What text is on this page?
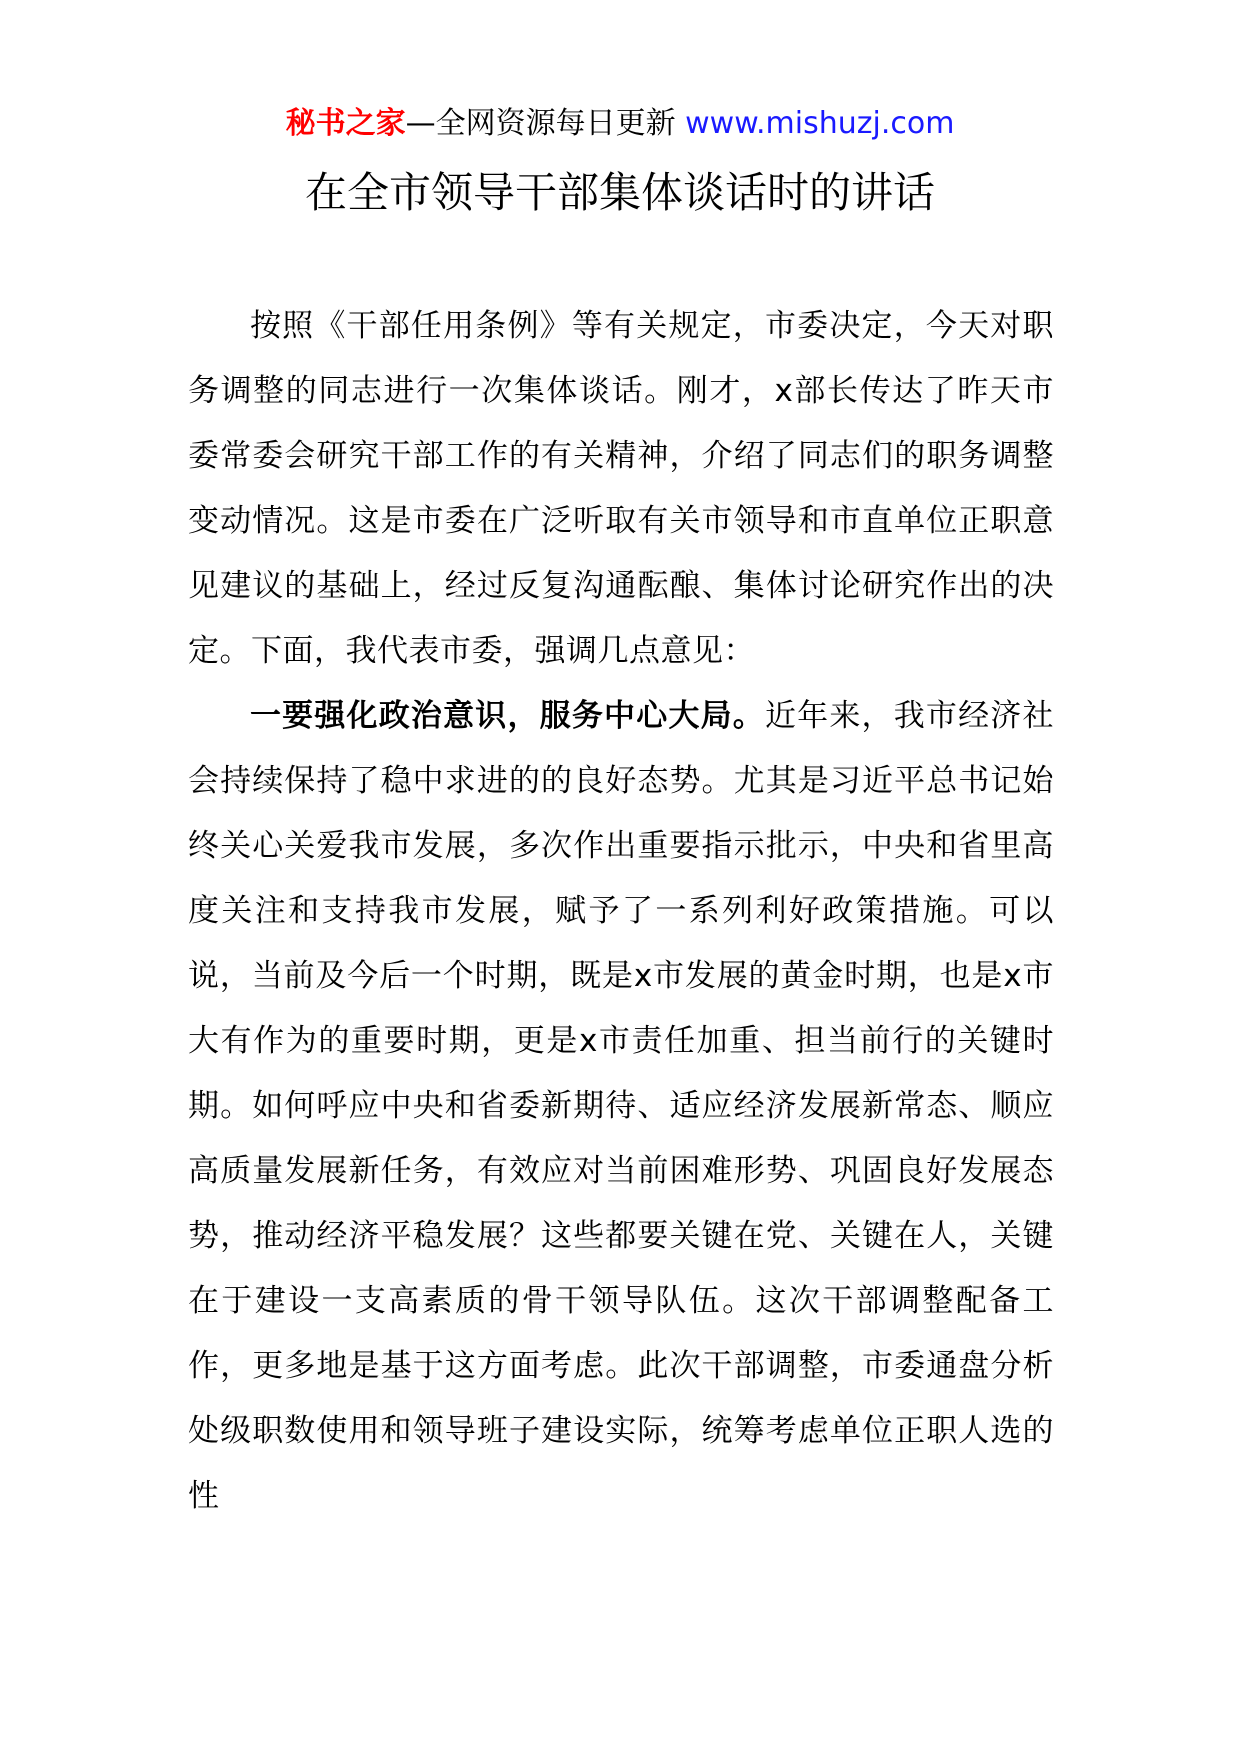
秘书之家—全网资源每日更新 www.mishuzj.com
在全市领导干部集体谈话时的讲话

按照《干部任用条例》等有关规定，市委决定，今天对职务调整的同志进行一次集体谈话。刚才，x部长传达了昨天市委常委会研究干部工作的有关精神，介绍了同志们的职务调整变动情况。这是市委在广泛听取有关市领导和市直单位正职意见建议的基础上，经过反复沟通酝酿、集体讨论研究作出的决定。下面，我代表市委，强调几点意见：

一要强化政治意识，服务中心大局。近年来，我市经济社会持续保持了稳中求进的的良好态势。尤其是习近平总书记始终关心关爱我市发展，多次作出重要指示批示，中央和省里高度关注和支持我市发展，赋予了一系列利好政策措施。可以说，当前及今后一个时期，既是x市发展的黄金时期，也是x市大有作为的重要时期，更是x市责任加重、担当前行的关键时期。如何呼应中央和省委新期待、适应经济发展新常态、顺应高质量发展新任务，有效应对当前困难形势、巩固良好发展态势，推动经济平稳发展？这些都要关键在党、关键在人，关键在于建设一支高素质的骨干领导队伍。这次干部调整配备工作，更多地是基于这方面考虑。此次干部调整，市委通盘分析处级职数使用和领导班子建设实际，统筹考虑单位正职人选的性
